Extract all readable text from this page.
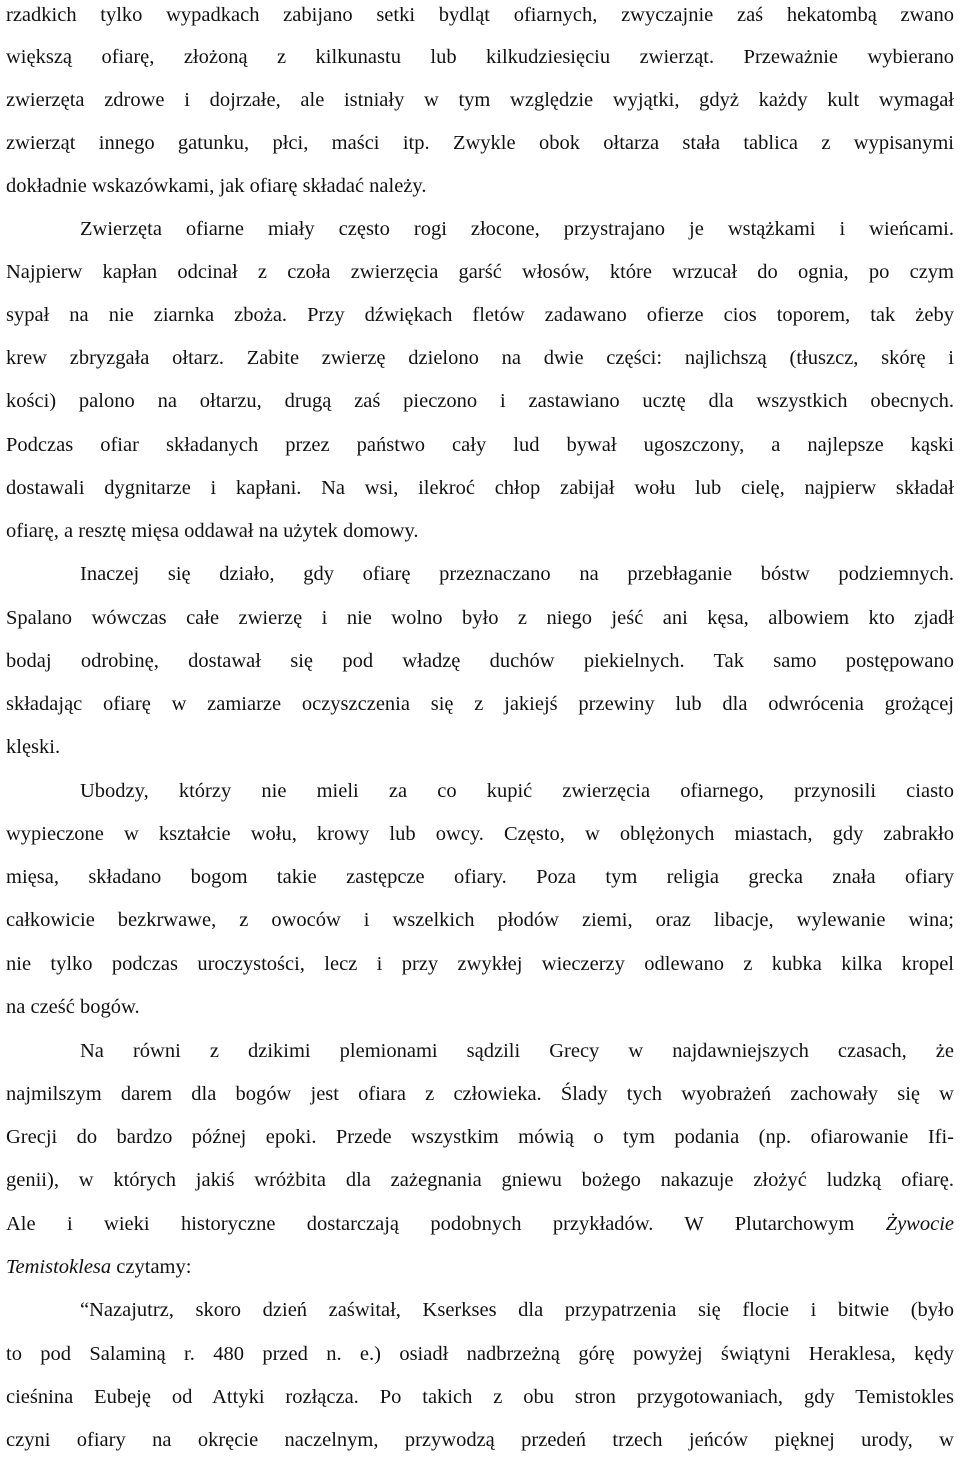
rzadkich tylko wypadkach zabijano setki bydląt ofiarnych, zwyczajnie zaś hekatombą zwano
większą ofiarę, złożoną z kilkunastu lub kilkudziesięciu zwierząt. Przeważnie wybierano
zwierzęta zdrowe i dojrzałe, ale istniały w tym względzie wyjątki, gdyż każdy kult wymagał
zwierząt innego gatunku, płci, maści itp. Zwykle obok ołtarza stała tablica z wypisanymi
dokładnie wskazówkami, jak ofiarę składać należy.
Zwierzęta ofiarne miały często rogi złocone, przystrajano je wstążkami i wieńcami.
Najpierw kapłan odcinał z czoła zwierzęcia garść włosów, które wrzucał do ognia, po czym
sypał na nie ziarnka zboża. Przy dźwiękach fletów zadawano ofierze cios toporem, tak żeby
krew zbryzgała ołtarz. Zabite zwierzę dzielono na dwie części: najlichszą (tłuszcz, skórę i
kości) palono na ołtarzu, drugą zaś pieczono i zastawiano ucztę dla wszystkich obecnych.
Podczas ofiar składanych przez państwo cały lud bywał ugoszczony, a najlepsze kąski
dostawali dygnitarze i kapłani. Na wsi, ilekroć chłop zabijał wołu lub cielę, najpierw składał
ofiarę, a resztę mięsa oddawał na użytek domowy.
Inaczej się działo, gdy ofiarę przeznaczano na przebłaganie bóstw podziemnych.
Spalano wówczas całe zwierzę i nie wolno było z niego jeść ani kęsa, albowiem kto zjadł
bodaj odrobinę, dostawał się pod władzę duchów piekielnych. Tak samo postępowano
składając ofiarę w zamiarze oczyszczenia się z jakiejś przewiny lub dla odwrócenia grożącej
klęski.
Ubodzy, którzy nie mieli za co kupić zwierzęcia ofiarnego, przynosili ciasto
wypieczone w kształcie wołu, krowy lub owcy. Często, w oblężonych miastach, gdy zabrakło
mięsa, składano bogom takie zastępcze ofiary. Poza tym religia grecka znała ofiary
całkowicie bezkrwawe, z owoców i wszelkich płodów ziemi, oraz libacje, wylewanie wina;
nie tylko podczas uroczystości, lecz i przy zwykłej wieczerzy odlewano z kubka kilka kropel
na cześć bogów.
Na równi z dzikimi plemionami sądzili Grecy w najdawniejszych czasach, że
najmilszym darem dla bogów jest ofiara z człowieka. Ślady tych wyobrażeń zachowały się w
Grecji do bardzo późnej epoki. Przede wszystkim mówią o tym podania (np. ofiarowanie Ifi-
genii), w których jakiś wróżbita dla zażegnania gniewu bożego nakazuje złożyć ludzką ofiarę.
Ale i wieki historyczne dostarczają podobnych przykładów. W Plutarchowym Żywocie
Temistoklesa czytamy:
“Nazajutrz, skoro dzień zaświtał, Kserkses dla przypatrzenia się flocie i bitwie (było
to pod Salaminą r. 480 przed n. e.) osiadł nadbrzeżną górę powyżej świątyni Heraklesa, kędy
cieśnina Eubeję od Attyki rozłącza. Po takich z obu stron przygotowaniach, gdy Temistokles
czyni ofiary na okręcie naczelnym, przywodzą przedeń trzech jeńców pięknej urody, w
